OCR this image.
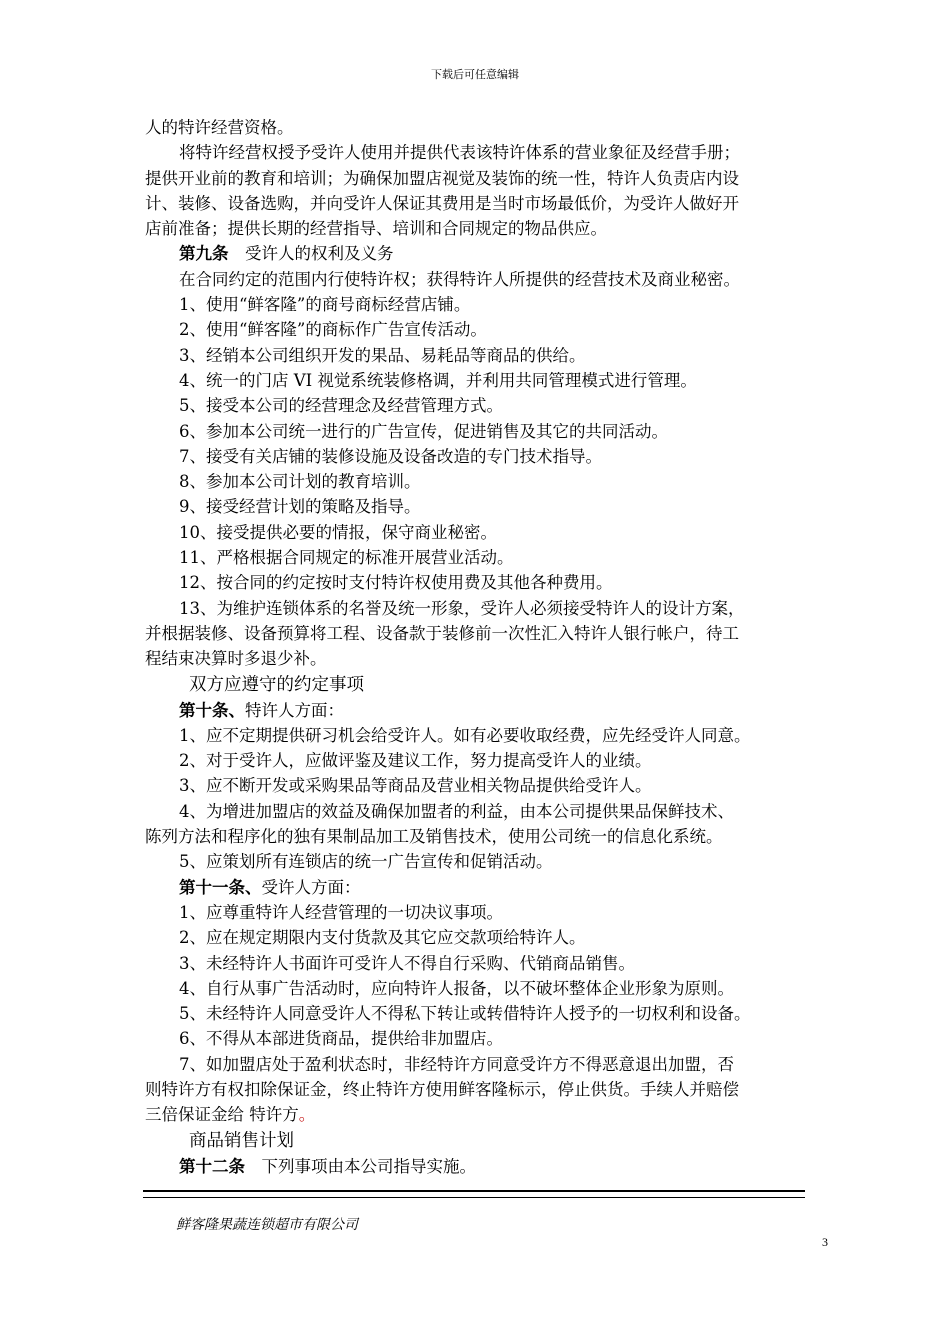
下载后可任意编辑

人的特许经营资格。

将特许经营权授予受许人使用并提供代表该特许体系的营业象征及经营手册；

提供开业前的教育和培训；为确保加盟店视觉及装饰的统一性，特许人负责店内设

计、装修、设备选购，并向受许人保证其费用是当时市场最低价，为受许人做好开

店前准备；提供长期的经营指导、培训和合同规定的物品供应。

第九条　受许人的权利及义务

在合同约定的范围内行使特许权；获得特许人所提供的经营技术及商业秘密。

1、使用“鲜客隆”的商号商标经营店铺。

2、使用“鲜客隆”的商标作广告宣传活动。

3、经销本公司组织开发的果品、易耗品等商品的供给。

4、统一的门店 VI 视觉系统装修格调，并利用共同管理模式进行管理。

5、接受本公司的经营理念及经营管理方式。

6、参加本公司统一进行的广告宣传，促进销售及其它的共同活动。

7、接受有关店铺的装修设施及设备改造的专门技术指导。

8、参加本公司计划的教育培训。

9、接受经营计划的策略及指导。

10、接受提供必要的情报，保守商业秘密。

11、严格根据合同规定的标准开展营业活动。

12、按合同的约定按时支付特许权使用费及其他各种费用。

13、为维护连锁体系的名誉及统一形象，受许人必须接受特许人的设计方案，

并根据装修、设备预算将工程、设备款于装修前一次性汇入特许人银行帐户，待工

程结束决算时多退少补。

双方应遵守的约定事项

第十条、特许人方面：

1、应不定期提供研习机会给受许人。如有必要收取经费，应先经受许人同意。

2、对于受许人，应做评鉴及建议工作，努力提高受许人的业绩。

3、应不断开发或采购果品等商品及营业相关物品提供给受许人。

4、为增进加盟店的效益及确保加盟者的利益，由本公司提供果品保鲜技术、

陈列方法和程序化的独有果制品加工及销售技术，使用公司统一的信息化系统。

5、应策划所有连锁店的统一广告宣传和促销活动。

第十一条、受许人方面：

1、应尊重特许人经营管理的一切决议事项。

2、应在规定期限内支付货款及其它应交款项给特许人。

3、未经特许人书面许可受许人不得自行采购、代销商品销售。

4、自行从事广告活动时，应向特许人报备，以不破坏整体企业形象为原则。

5、未经特许人同意受许人不得私下转让或转借特许人授予的一切权利和设备。

6、不得从本部进货商品，提供给非加盟店。

7、如加盟店处于盈利状态时，非经特许方同意受许方不得恶意退出加盟，否

则特许方有权扣除保证金，终止特许方使用鲜客隆标示，停止供货。手续人并赔偿

三倍保证金给 特许方。

商品销售计划

第十二条　下列事项由本公司指导实施。

鲜客隆果蔬连锁超市有限公司
3
